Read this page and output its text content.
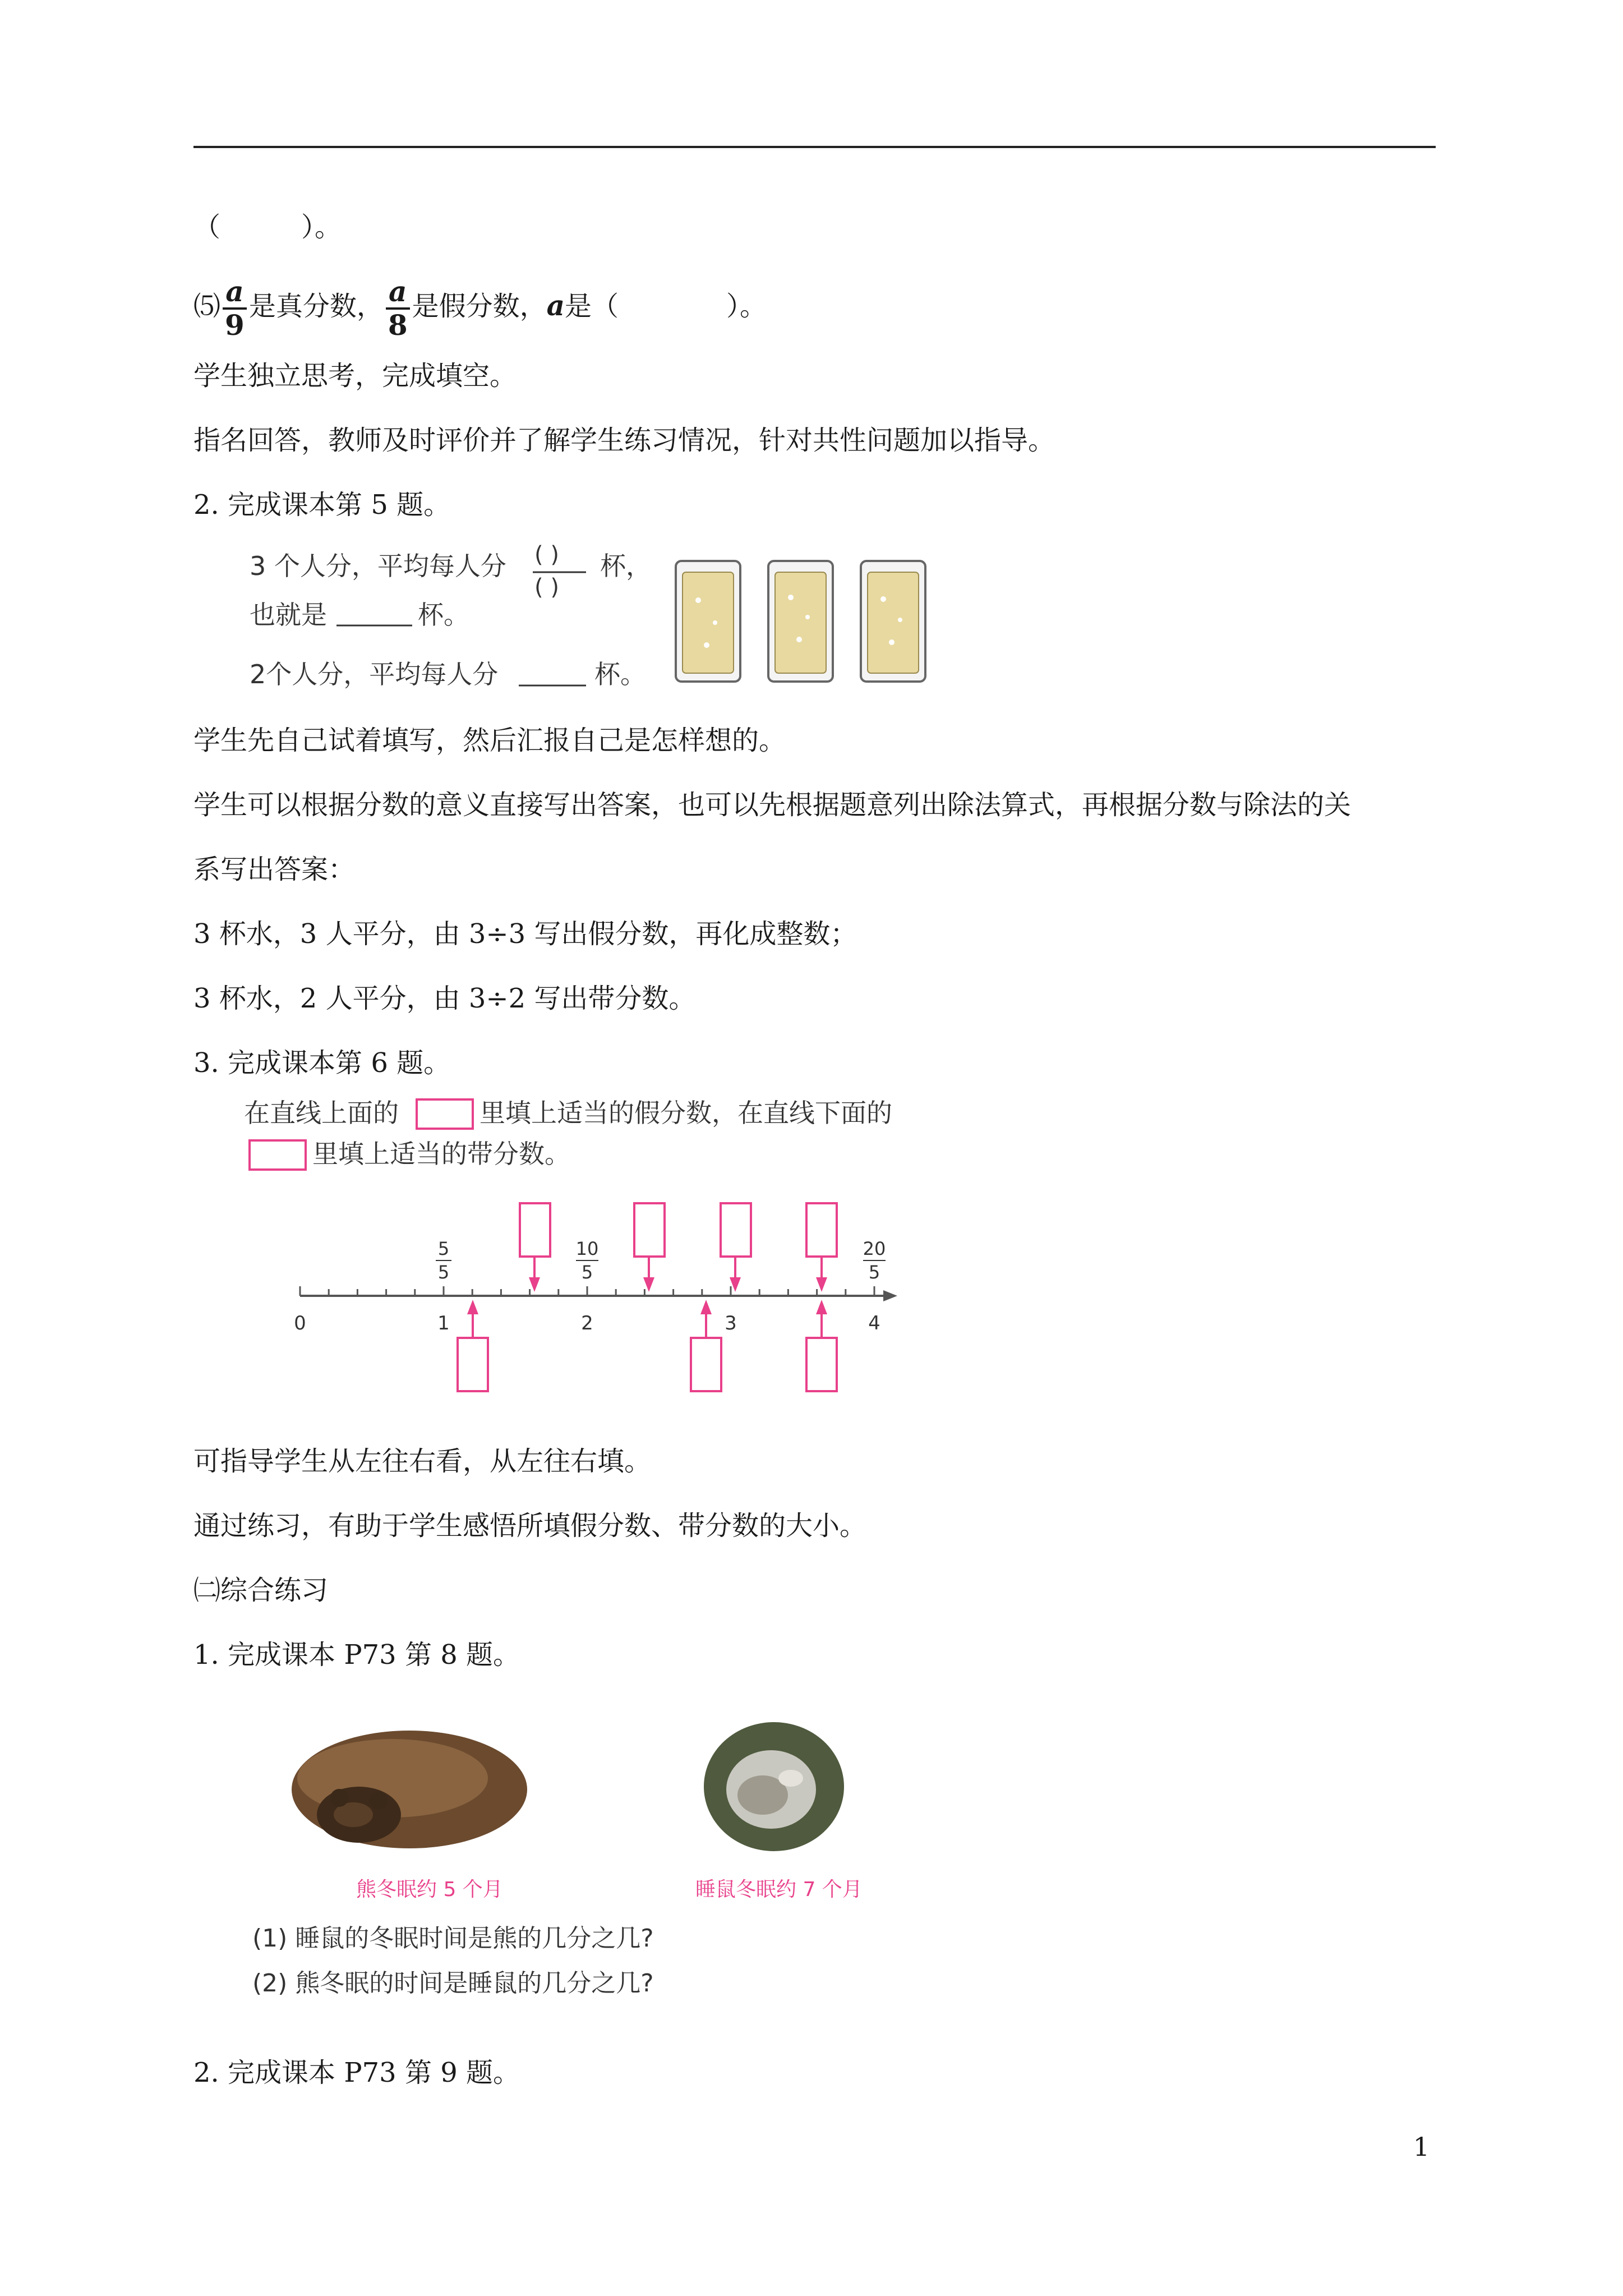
（　　　）。
⑸ $\frac{a}{9}$ 是真分数， $\frac{a}{8}$ 是假分数，a是（　　　　）。
学生独立思考，完成填空。
指名回答，教师及时评价并了解学生练习情况，针对共性问题加以指导。
2. 完成课本第 5 题。
3 个人分，平均每人分 ( )
( )
杯，
也就是	杯。
2个人分，平均每人分	杯。
学生先自己试着填写，然后汇报自己是怎样想的。
学生可以根据分数的意义直接写出答案，也可以先根据题意列出除法算式，再根据分数与除法的关
系写出答案：
3 杯水，3 人平分，由 3÷3 写出假分数，再化成整数；
3 杯水，2 人平分，由 3÷2 写出带分数。
3. 完成课本第 6 题。
在直线上面的	里填上适当的假分数，在直线下面的
里填上适当的带分数。
0	1	2	3	4
5
5
10
5
20
5
可指导学生从左往右看，从左往右填。
通过练习，有助于学生感悟所填假分数、带分数的大小。
㈡综合练习
1. 完成课本 P73 第 8 题。
熊冬眠约 5 个月	睡鼠冬眠约 7 个月
(1) 睡鼠的冬眠时间是熊的几分之几?
(2) 熊冬眠的时间是睡鼠的几分之几?
2. 完成课本 P73 第 9 题。
1
